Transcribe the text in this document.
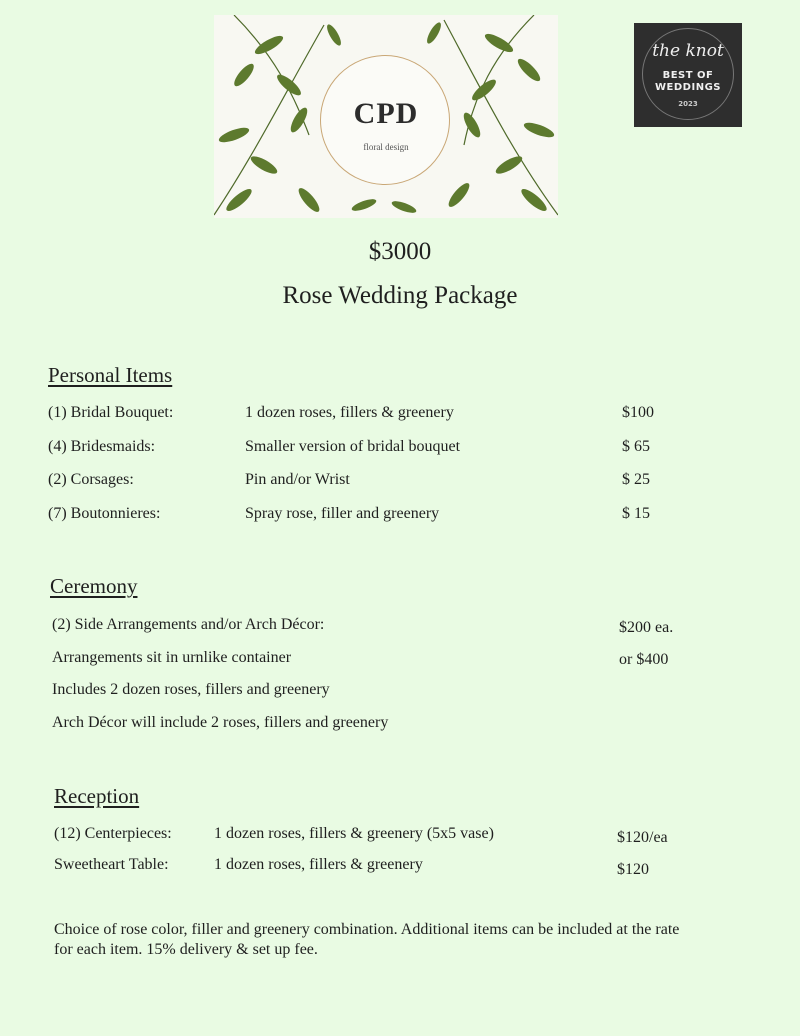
CPD
floral design
the knot
BEST OF
WEDDINGS
2023
$3000
Rose Wedding Package
Personal Items
(1) Bridal Bouquet:	1 dozen roses, fillers & greenery	$100
(4) Bridesmaids:	Smaller version of bridal bouquet	$ 65
(2) Corsages:	Pin and/or Wrist	$ 25
(7) Boutonnieres:	Spray rose, filler and greenery	$ 15
Ceremony
(2) Side Arrangements and/or Arch Décor:	$200 ea.
Arrangements sit in urnlike container	or $400
Includes 2 dozen roses, fillers and greenery
Arch Décor will include 2 roses, fillers and greenery
Reception
(12) Centerpieces:	1 dozen roses, fillers & greenery (5x5 vase)	$120/ea
Sweetheart Table:	1 dozen roses, fillers & greenery	$120
Choice of rose color, filler and greenery combination. Additional items can be included at the rate for each item. 15% delivery & set up fee.
